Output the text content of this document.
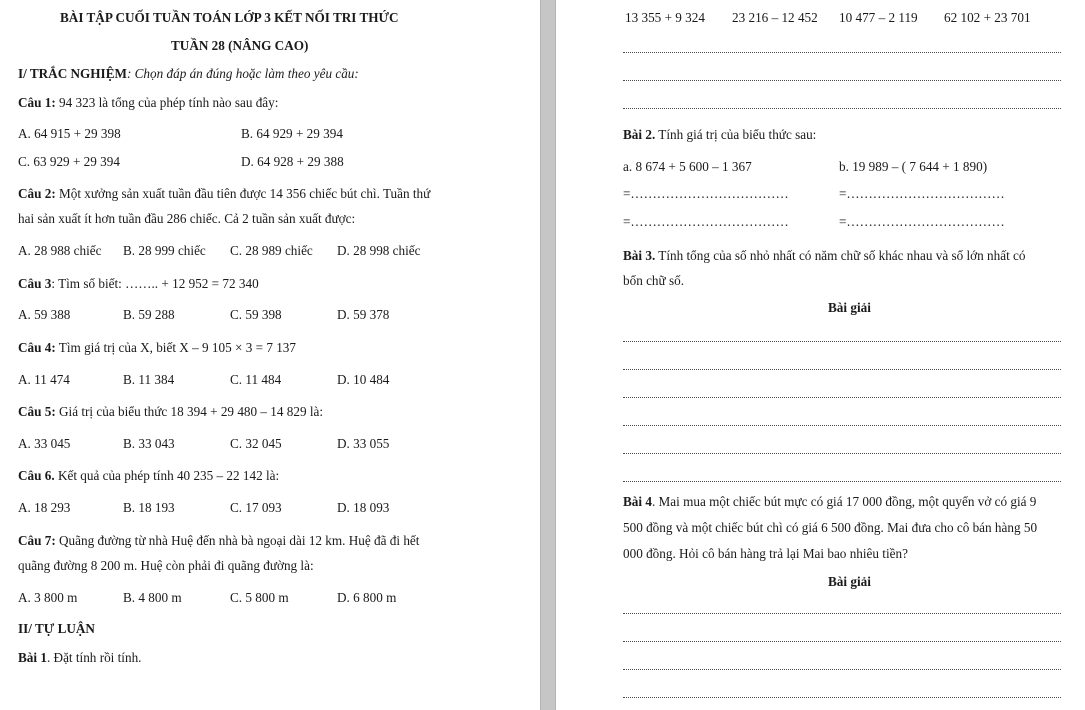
BÀI TẬP CUỐI TUẦN TOÁN LỚP 3 KẾT NỐI TRI THỨC
TUẦN 28 (NÂNG CAO)
I/ TRẮC NGHIỆM: Chọn đáp án đúng hoặc làm theo yêu cầu:
Câu 1: 94 323 là tổng của phép tính nào sau đây:
A. 64 915 + 29 398	B. 64 929 + 29 394
C. 63 929 + 29 394	D. 64 928 + 29 388
Câu 2: Một xưởng sản xuất tuần đầu tiên được 14 356 chiếc bút chì. Tuần thứ
hai sản xuất ít hơn tuần đầu 286 chiếc. Cả 2 tuần sản xuất được:
A. 28 988 chiếc B. 28 999 chiếc C. 28 989 chiếc D. 28 998 chiếc
Câu 3: Tìm số biết: …….. + 12 952 = 72 340
A. 59 388	B. 59 288	C. 59 398	D. 59 378
Câu 4: Tìm giá trị của X, biết X – 9 105 × 3 = 7 137
A. 11 474	B. 11 384	C. 11 484	D. 10 484
Câu 5: Giá trị của biểu thức 18 394 + 29 480 – 14 829 là:
A. 33 045	B. 33 043	C. 32 045	D. 33 055
Câu 6. Kết quả của phép tính 40 235 – 22 142 là:
A. 18 293	B. 18 193	C. 17 093	D. 18 093
Câu 7: Quãng đường từ nhà Huệ đến nhà bà ngoại dài 12 km. Huệ đã đi hết
quãng đường 8 200 m. Huệ còn phải đi quãng đường là:
A. 3 800 m	B. 4 800 m	C. 5 800 m	D. 6 800 m
II/ TỰ LUẬN
Bài 1. Đặt tính rồi tính.
13 355 + 9 324 23 216 – 12 452 10 477 – 2 119 62 102 + 23 701
Bài 2. Tính giá trị của biểu thức sau:
a. 8 674 + 5 600 – 1 367	b. 19 989 – ( 7 644 + 1 890)
=………………………………	=………………………………
=………………………………	=………………………………
Bài 3. Tính tổng của số nhỏ nhất có năm chữ số khác nhau và số lớn nhất có
bốn chữ số.
Bài giải
Bài 4. Mai mua một chiếc bút mực có giá 17 000 đồng, một quyển vở có giá 9
500 đồng và một chiếc bút chì có giá 6 500 đồng. Mai đưa cho cô bán hàng 50
000 đồng. Hỏi cô bán hàng trả lại Mai bao nhiêu tiền?
Bài giải
